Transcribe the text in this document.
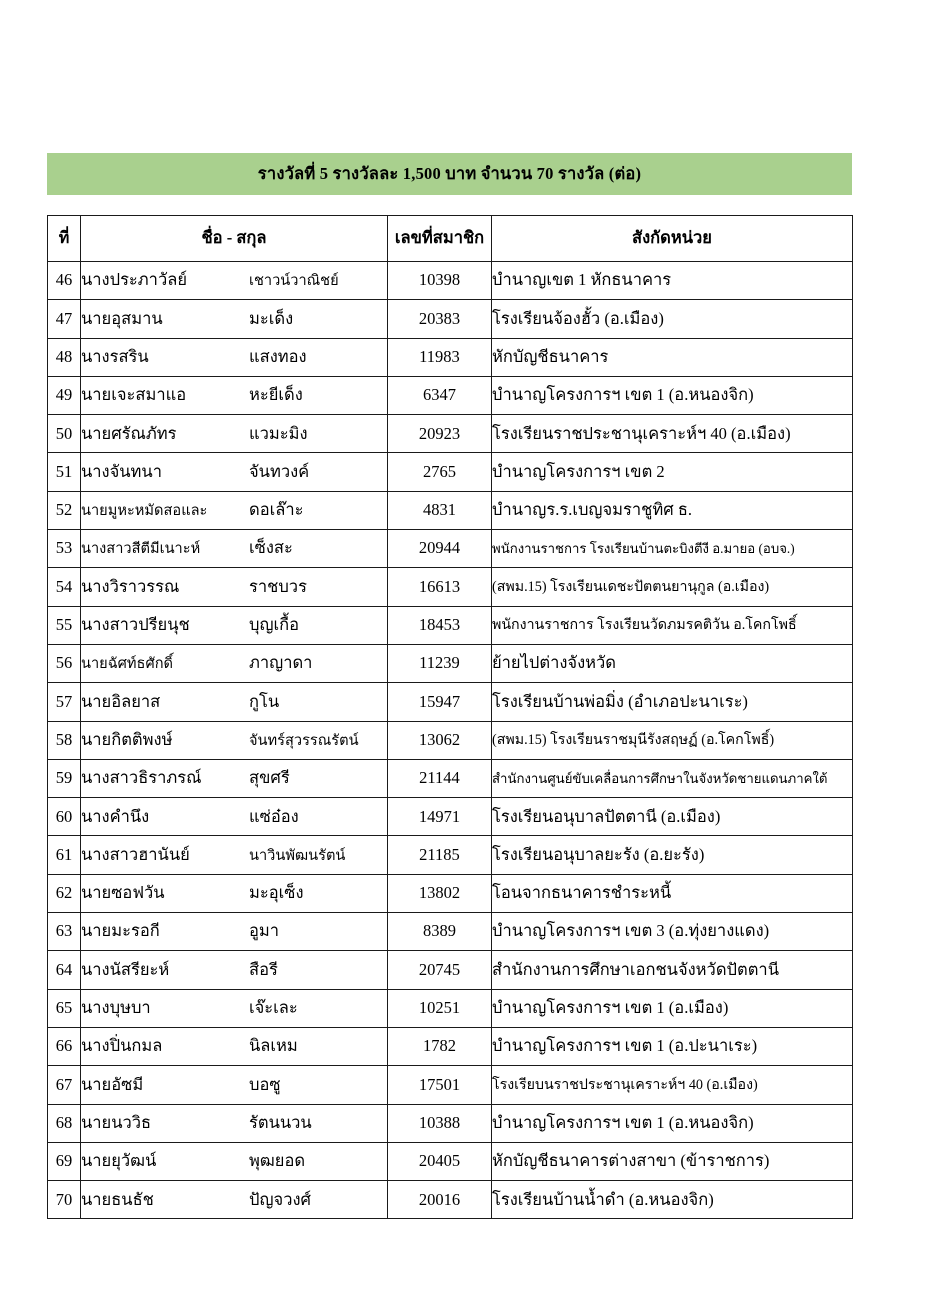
รางวัลที่ 5 รางวัลละ 1,500 บาท จำนวน 70 รางวัล (ต่อ)
ที่	ชื่อ - สกุล	เลขที่สมาชิก	สังกัดหน่วย
46	นางประภาวัลย์ เชาวน์วาณิชย์	10398	บำนาญเขต 1 หักธนาคาร
47	นายอุสมาน มะเด็ง	20383	โรงเรียนจ้องฮั้ว (อ.เมือง)
48	นางรสริน แสงทอง	11983	หักบัญชีธนาคาร
49	นายเจะสมาแอ หะยีเด็ง	6347	บำนาญโครงการฯ เขต 1 (อ.หนองจิก)
50	นายศรัณภัทร แวมะมิง	20923	โรงเรียนราชประชานุเคราะห์ฯ 40 (อ.เมือง)
51	นางจันทนา จันทวงค์	2765	บำนาญโครงการฯ เขต 2
52	นายมูหะหมัดสอและ ดอเล๊าะ	4831	บำนาญร.ร.เบญจมราชูทิศ ธ.
53	นางสาวสีตีมีเนาะห์ เซ็งสะ	20944	พนักงานราชการ โรงเรียนบ้านตะบิงตีงี อ.มายอ (อบจ.)
54	นางวิราวรรณ ราชบวร	16613	(สพม.15) โรงเรียนเดชะปัตตนยานุกูล (อ.เมือง)
55	นางสาวปรียนุช บุญเกื้อ	18453	พนักงานราชการ โรงเรียนวัดภมรคติวัน อ.โคกโพธิ์
56	นายฉัศท์ธศักดิ์ ภาญาดา	11239	ย้ายไปต่างจังหวัด
57	นายอิลยาส กูโน	15947	โรงเรียนบ้านพ่อมิ่ง (อำเภอปะนาเระ)
58	นายกิตติพงษ์ จันทร์สุวรรณรัตน์	13062	(สพม.15) โรงเรียนราชมุนีรังสฤษฏ์ (อ.โคกโพธิ์)
59	นางสาวธิราภรณ์ สุขศรี	21144	สำนักงานศูนย์ขับเคลื่อนการศึกษาในจังหวัดชายแดนภาคใต้
60	นางคำนึง แซ่อ๋อง	14971	โรงเรียนอนุบาลปัตตานี (อ.เมือง)
61	นางสาวฮานันย์ นาวินพัฒนรัตน์	21185	โรงเรียนอนุบาลยะรัง (อ.ยะรัง)
62	นายซอฟวัน มะอุเซ็ง	13802	โอนจากธนาคารชำระหนี้
63	นายมะรอกี อูมา	8389	บำนาญโครงการฯ เขต 3 (อ.ทุ่งยางแดง)
64	นางนัสรียะห์ สือรี	20745	สำนักงานการศึกษาเอกชนจังหวัดปัตตานี
65	นางบุษบา เจ๊ะเละ	10251	บำนาญโครงการฯ เขต 1 (อ.เมือง)
66	นางปิ่นกมล นิลเหม	1782	บำนาญโครงการฯ เขต 1 (อ.ปะนาเระ)
67	นายอัซมี บอซู	17501	โรงเรียบนราชประชานุเคราะห์ฯ 40 (อ.เมือง)
68	นายนววิธ รัตนนวน	10388	บำนาญโครงการฯ เขต 1 (อ.หนองจิก)
69	นายยุวัฒน์ พุฒยอด	20405	หักบัญชีธนาคารต่างสาขา (ข้าราชการ)
70	นายธนธัช ปัญจวงศ์	20016	โรงเรียนบ้านน้ำดำ (อ.หนองจิก)
